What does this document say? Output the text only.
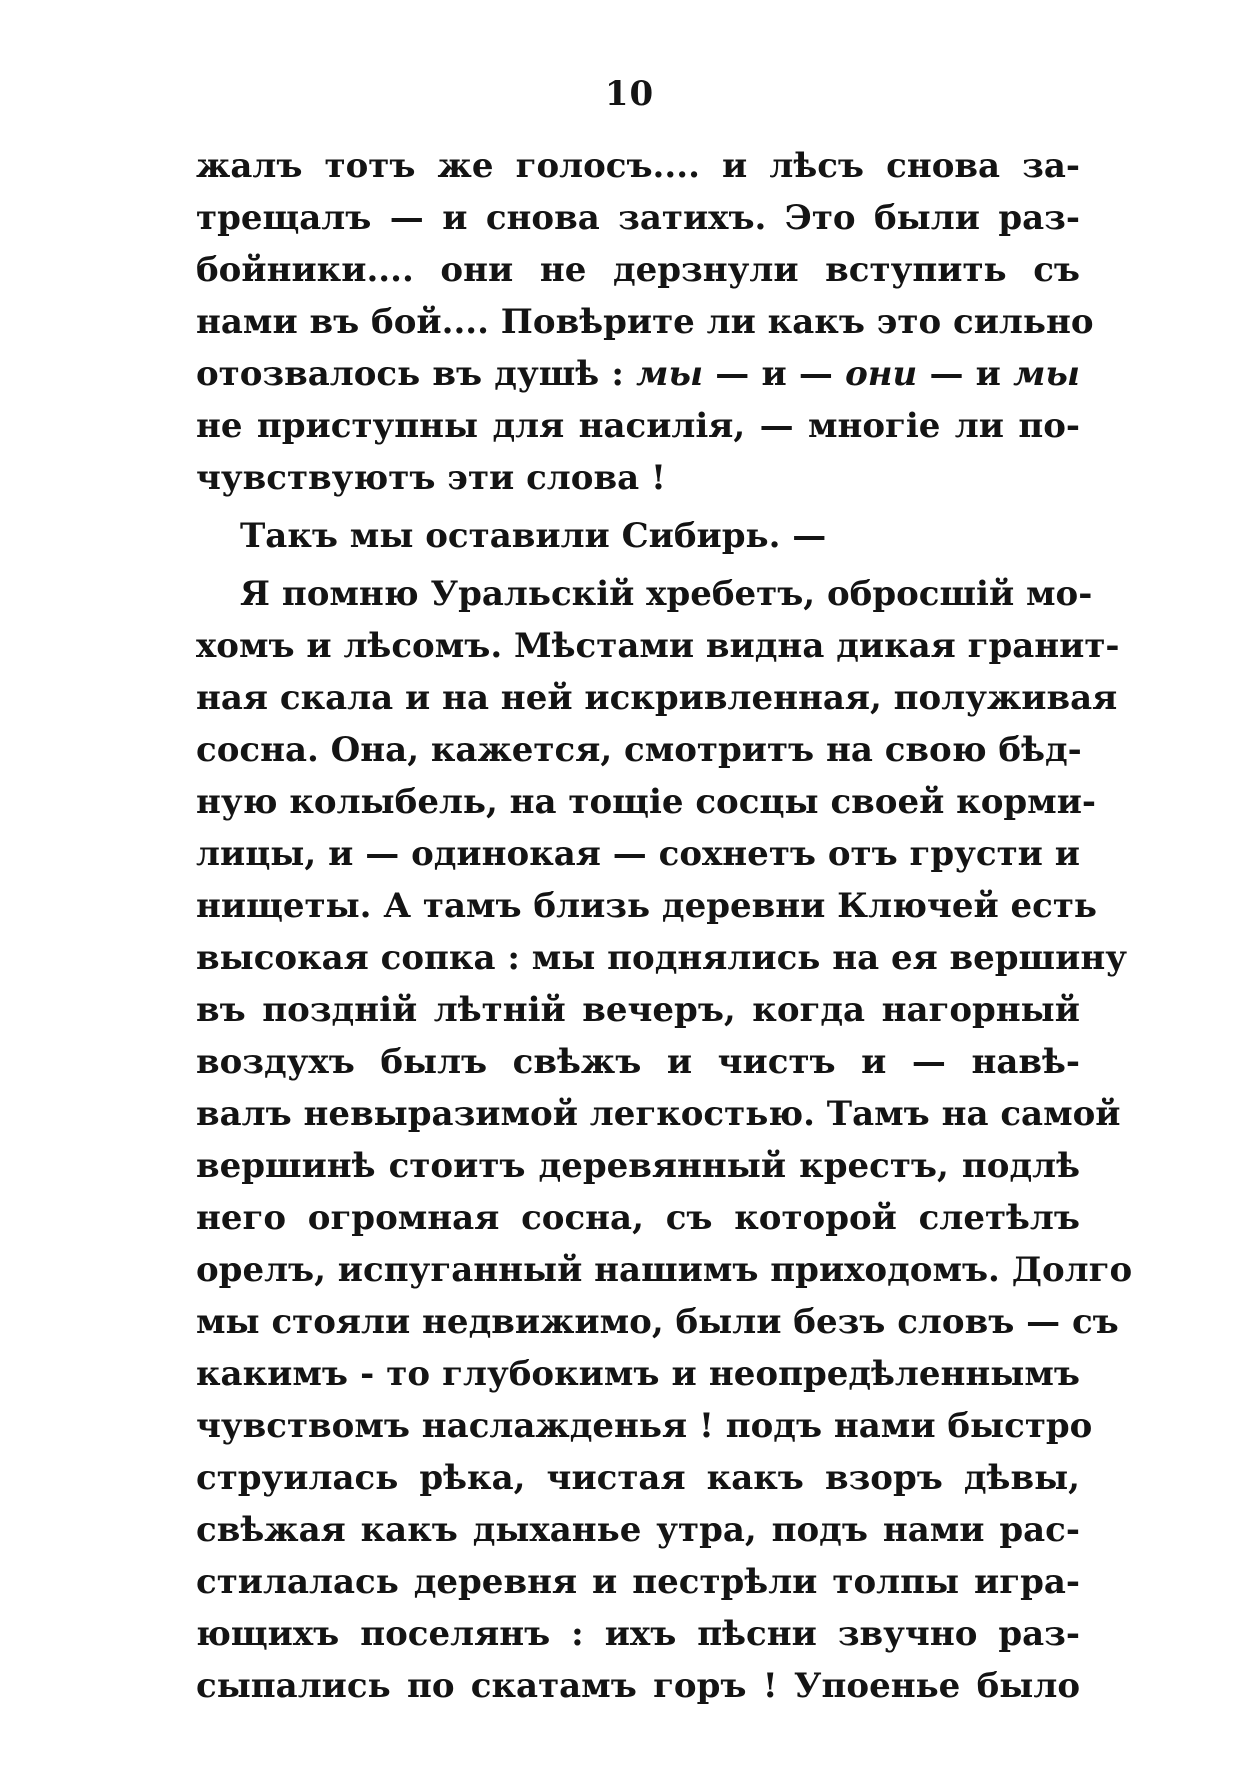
10
жалъ тотъ же голосъ.... и лѣсъ снова за-
трещалъ — и снова затихъ. Это были раз-
бойники.... они не дерзнули вступить съ
нами въ бой.... Повѣрите ли какъ это сильно
отозвалось въ душѣ : мы — и — они — и мы
не приступны для насилія, — многіе ли по-
чувствуютъ эти слова !
Такъ мы оставили Сибирь. —
Я помню Уральскій хребетъ, обросшій мо-
хомъ и лѣсомъ. Мѣстами видна дикая гранит-
ная скала и на ней искривленная, полуживая
сосна. Она, кажется, смотритъ на свою бѣд-
ную колыбель, на тощіе сосцы своей корми-
лицы, и — одинокая — сохнетъ отъ грусти и
нищеты. А тамъ близь деревни Ключей есть
высокая сопка : мы поднялись на ея вершину
въ поздній лѣтній вечеръ, когда нагорный
воздухъ былъ свѣжъ и чистъ и — навѣ-
валъ невыразимой легкостью. Тамъ на самой
вершинѣ стоитъ деревянный крестъ, подлѣ
него огромная сосна, съ которой слетѣлъ
орелъ, испуганный нашимъ приходомъ. Долго
мы стояли недвижимо, были безъ словъ — съ
какимъ - то глубокимъ и неопредѣленнымъ
чувствомъ наслажденья ! подъ нами быстро
струилась рѣка, чистая какъ взоръ дѣвы,
свѣжая какъ дыханье утра, подъ нами рас-
стилалась деревня и пестрѣли толпы игра-
ющихъ поселянъ : ихъ пѣсни звучно раз-
сыпались по скатамъ горъ ! Упоенье было
